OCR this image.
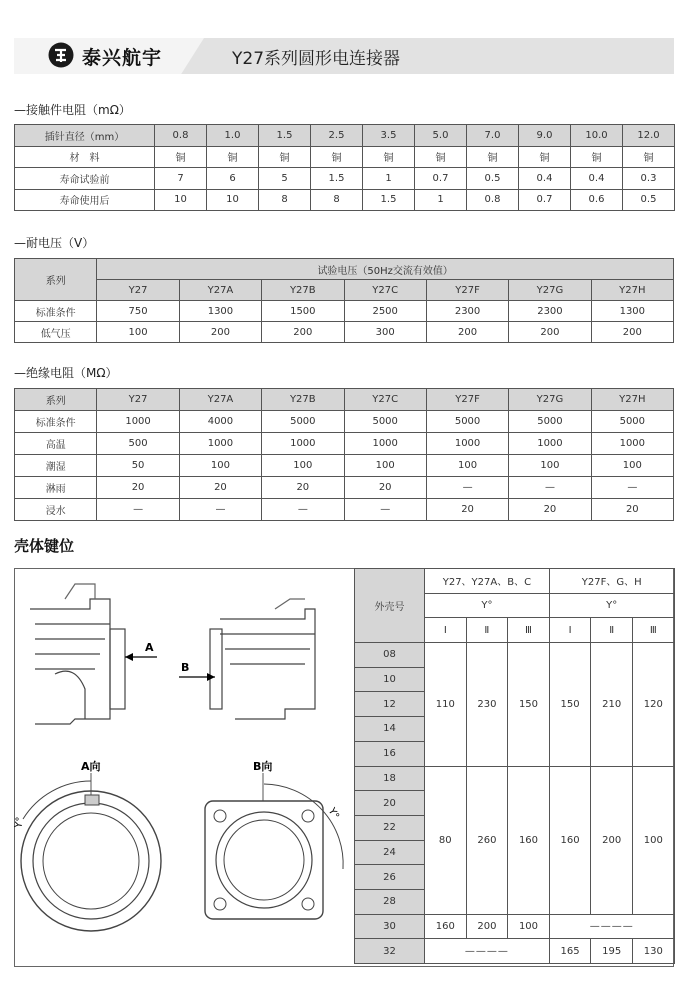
泰兴航宇	Y27系列圆形电连接器
—接触件电阻（mΩ）
插针直径（mm）	0.8	1.0	1.5	2.5	3.5	5.0	7.0	9.0	10.0	12.0
材　料	铜	铜	铜	铜	铜	铜	铜	铜	铜	铜
寿命试验前	7	6	5	1.5	1	0.7	0.5	0.4	0.4	0.3
寿命使用后	10	10	8	8	1.5	1	0.8	0.7	0.6	0.5
—耐电压（V）
系列	试验电压（50Hz交流有效值）						
	Y27	Y27A	Y27B	Y27C	Y27F	Y27G	Y27H
标准条件	750	1300	1500	2500	2300	2300	1300
低气压	100	200	200	300	200	200	200
—绝缘电阻（MΩ）
系列	Y27	Y27A	Y27B	Y27C	Y27F	Y27G	Y27H
标准条件	1000	4000	5000	5000	5000	5000	5000
高温	500	1000	1000	1000	1000	1000	1000
潮湿	50	100	100	100	100	100	100
淋雨	20	20	20	20	—	—	—
浸水	—	—	—	—	20	20	20
壳体键位
A
B
A向
Y°
B向
Y°
外壳号	Y27、Y27A、B、C			Y27F、G、H		
	Y°			Y°		
	Ⅰ	Ⅱ	Ⅲ	Ⅰ	Ⅱ	Ⅲ
08	110	230	150	150	210	120
10						
12						
14						
16						
18	80	260	160	160	200	100
20						
22						
24						
26						
28						
30	160	200	100	————		
32	————			165	195	130
